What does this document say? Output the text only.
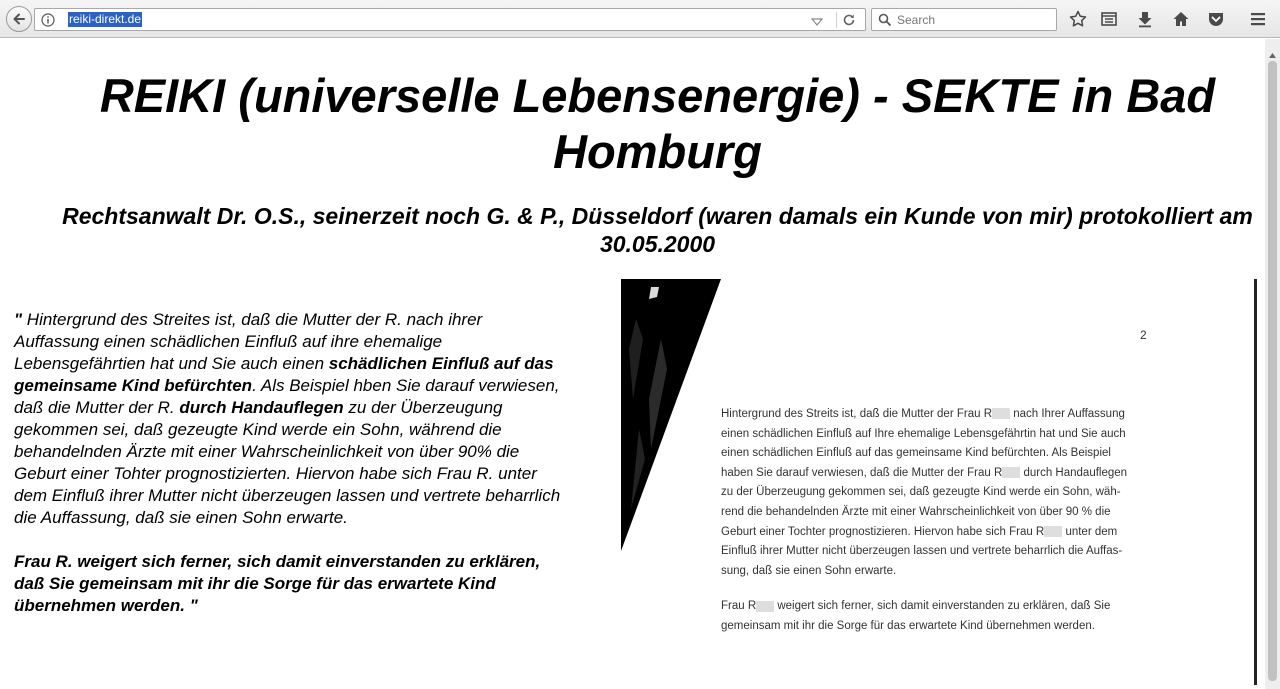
reiki-direkt.de	Search
REIKI (universelle Lebensenergie) - SEKTE in Bad Homburg
Rechtsanwalt Dr. O.S., seinerzeit noch G. & P., Düsseldorf (waren damals ein Kunde von mir) protokolliert am 30.05.2000

" Hintergrund des Streites ist, daß die Mutter der R. nach ihrer Auffassung einen schädlichen Einfluß auf ihre ehemalige Lebensgefährtien hat und Sie auch einen schädlichen Einfluß auf das gemeinsame Kind befürchten. Als Beispiel hben Sie darauf verwiesen, daß die Mutter der R. durch Handauflegen zu der Überzeugung gekommen sei, daß gezeugte Kind werde ein Sohn, während die behandelnden Ärzte mit einer Wahrscheinlichkeit von über 90% die Geburt einer Tohter prognostizierten. Hiervon habe sich Frau R. unter dem Einfluß ihrer Mutter nicht überzeugen lassen und vertrete beharrlich die Auffassung, daß sie einen Sohn erwarte.

Frau R. weigert sich ferner, sich damit einverstanden zu erklären, daß Sie gemeinsam mit ihr die Sorge für das erwartete Kind übernehmen werden. "

2
Hintergrund des Streits ist, daß die Mutter der Frau R nach Ihrer Auffassung
einen schädlichen Einfluß auf Ihre ehemalige Lebensgefährtin hat und Sie auch
einen schädlichen Einfluß auf das gemeinsame Kind befürchten. Als Beispiel
haben Sie darauf verwiesen, daß die Mutter der Frau R durch Handauflegen
zu der Überzeugung gekommen sei, daß gezeugte Kind werde ein Sohn, wäh-
rend die behandelnden Ärzte mit einer Wahrscheinlichkeit von über 90 % die
Geburt einer Tochter prognostizieren. Hiervon habe sich Frau R unter dem
Einfluß ihrer Mutter nicht überzeugen lassen und vertrete beharrlich die Auffas-
sung, daß sie einen Sohn erwarte.
Frau R weigert sich ferner, sich damit einverstanden zu erklären, daß Sie
gemeinsam mit ihr die Sorge für das erwartete Kind übernehmen werden.
